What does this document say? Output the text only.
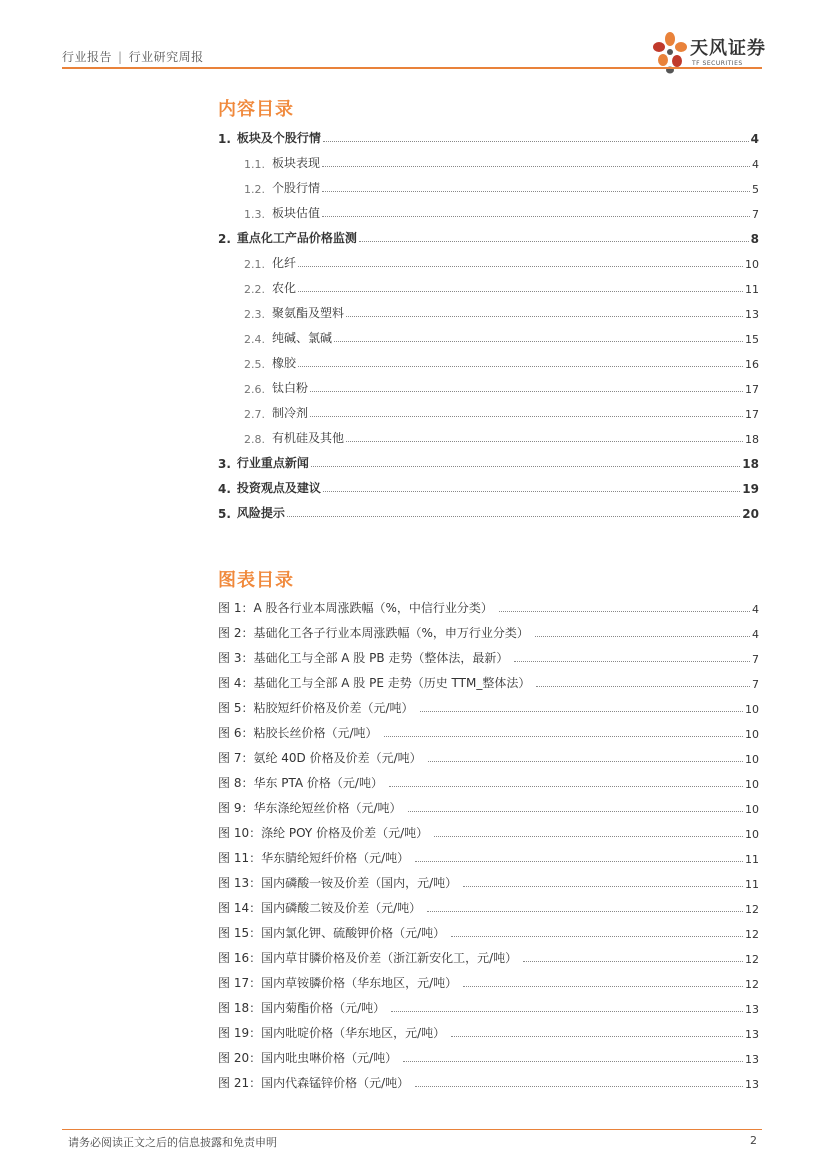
行业报告 | 行业研究周报	天风证券
TF SECURITIES
内容目录
1. 板块及个股行情	4
1.1. 板块表现	4
1.2. 个股行情	5
1.3. 板块估值	7
2. 重点化工产品价格监测	8
2.1. 化纤	10
2.2. 农化	11
2.3. 聚氨酯及塑料	13
2.4. 纯碱、氯碱	15
2.5. 橡胶	16
2.6. 钛白粉	17
2.7. 制冷剂	17
2.8. 有机硅及其他	18
3. 行业重点新闻	18
4. 投资观点及建议	19
5. 风险提示	20
图表目录
图 1：A 股各行业本周涨跌幅（%，中信行业分类）	4
图 2：基础化工各子行业本周涨跌幅（%，申万行业分类）	4
图 3：基础化工与全部 A 股 PB 走势（整体法，最新）	7
图 4：基础化工与全部 A 股 PE 走势（历史 TTM_整体法）	7
图 5：粘胶短纤价格及价差（元/吨）	10
图 6：粘胶长丝价格（元/吨）	10
图 7：氨纶 40D 价格及价差（元/吨）	10
图 8：华东 PTA 价格（元/吨）	10
图 9：华东涤纶短丝价格（元/吨）	10
图 10：涤纶 POY 价格及价差（元/吨）	10
图 11：华东腈纶短纤价格（元/吨）	11
图 13：国内磷酸一铵及价差（国内，元/吨）	11
图 14：国内磷酸二铵及价差（元/吨）	12
图 15：国内氯化钾、硫酸钾价格（元/吨）	12
图 16：国内草甘膦价格及价差（浙江新安化工，元/吨）	12
图 17：国内草铵膦价格（华东地区，元/吨）	12
图 18：国内菊酯价格（元/吨）	13
图 19：国内吡啶价格（华东地区，元/吨）	13
图 20：国内吡虫啉价格（元/吨）	13
图 21：国内代森锰锌价格（元/吨）	13
请务必阅读正文之后的信息披露和免责申明	2
